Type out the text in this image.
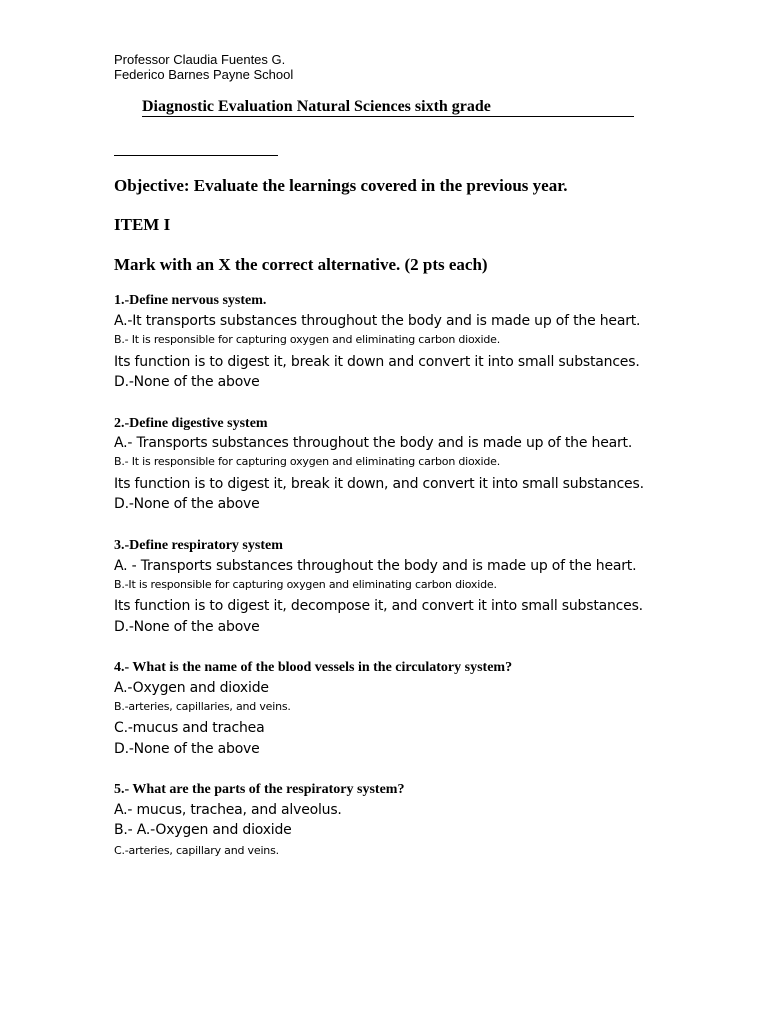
Professor Claudia Fuentes G.
Federico Barnes Payne School
Diagnostic Evaluation Natural Sciences sixth grade
Objective: Evaluate the learnings covered in the previous year.
ITEM I
Mark with an X the correct alternative. (2 pts each)
1.-Define nervous system.
A.-It transports substances throughout the body and is made up of the heart.
B.- It is responsible for capturing oxygen and eliminating carbon dioxide.
Its function is to digest it, break it down and convert it into small substances.
D.-None of the above
2.-Define digestive system
A.- Transports substances throughout the body and is made up of the heart.
B.- It is responsible for capturing oxygen and eliminating carbon dioxide.
Its function is to digest it, break it down, and convert it into small substances.
D.-None of the above
3.-Define respiratory system
A. - Transports substances throughout the body and is made up of the heart.
B.-It is responsible for capturing oxygen and eliminating carbon dioxide.
Its function is to digest it, decompose it, and convert it into small substances.
D.-None of the above
4.- What is the name of the blood vessels in the circulatory system?
A.-Oxygen and dioxide
B.-arteries, capillaries, and veins.
C.-mucus and trachea
D.-None of the above
5.- What are the parts of the respiratory system?
A.- mucus, trachea, and alveolus.
B.- A.-Oxygen and dioxide
C.-arteries, capillary and veins.
